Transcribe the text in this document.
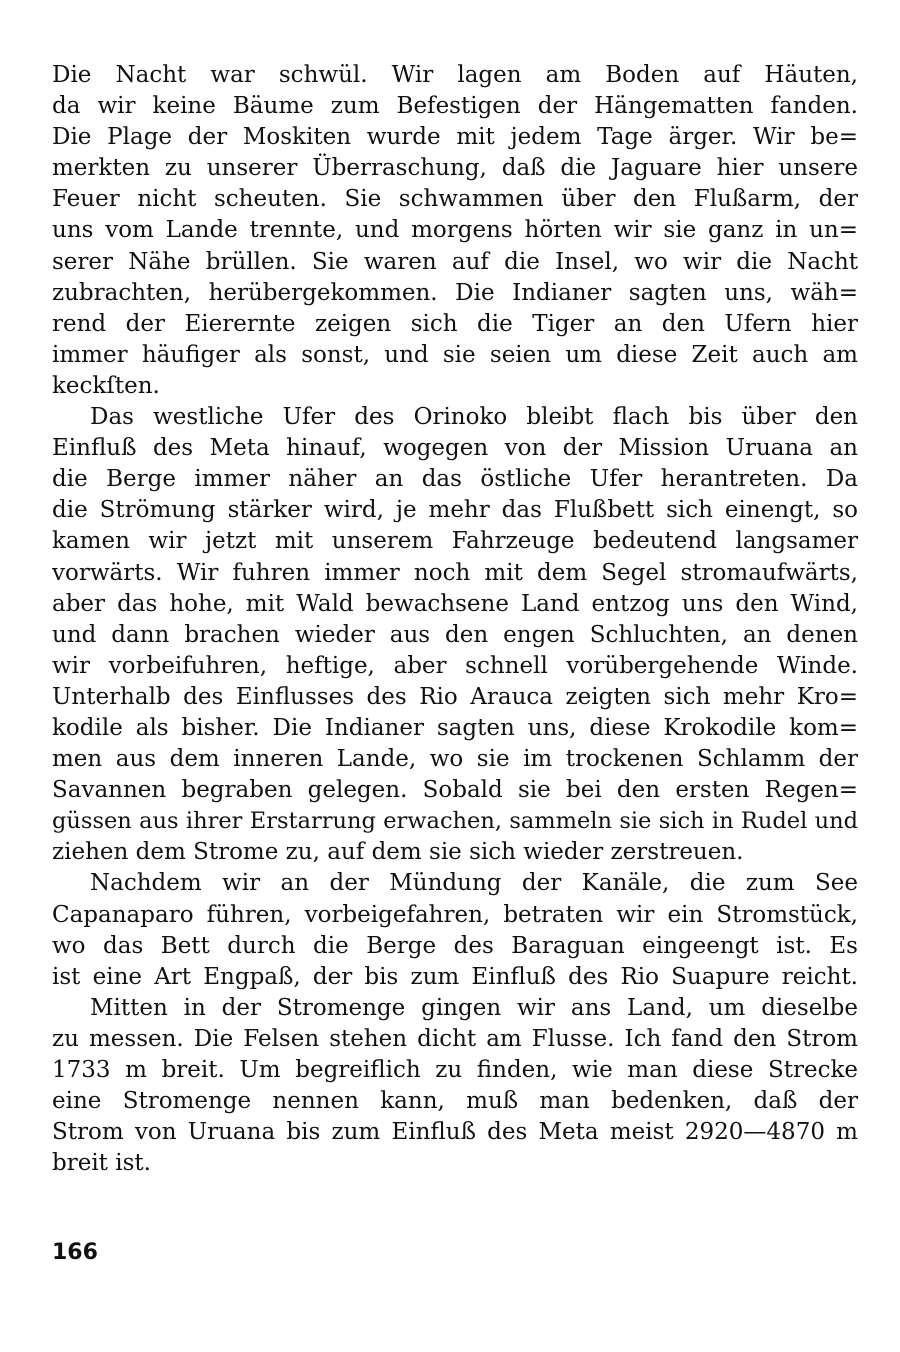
Die Nacht war schwül. Wir lagen am Boden auf Häuten,
da wir keine Bäume zum Befestigen der Hängematten fanden.
Die Plage der Moskiten wurde mit jedem Tage ärger. Wir be=
merkten zu unserer Überraschung, daß die Jaguare hier unsere
Feuer nicht scheuten. Sie schwammen über den Flußarm, der
uns vom Lande trennte, und morgens hörten wir sie ganz in un=
serer Nähe brüllen. Sie waren auf die Insel, wo wir die Nacht
zubrachten, herübergekommen. Die Indianer sagten uns, wäh=
rend der Eierernte zeigen sich die Tiger an den Ufern hier
immer häufiger als sonst, und sie seien um diese Zeit auch am
keckſten.
Das westliche Ufer des Orinoko bleibt flach bis über den
Einfluß des Meta hinauf, wogegen von der Mission Uruana an
die Berge immer näher an das östliche Ufer herantreten. Da
die Strömung stärker wird, je mehr das Flußbett sich einengt, so
kamen wir jetzt mit unserem Fahrzeuge bedeutend langsamer
vorwärts. Wir fuhren immer noch mit dem Segel stromaufwärts,
aber das hohe, mit Wald bewachsene Land entzog uns den Wind,
und dann brachen wieder aus den engen Schluchten, an denen
wir vorbeifuhren, heftige, aber schnell vorübergehende Winde.
Unterhalb des Einflusses des Rio Arauca zeigten sich mehr Kro=
kodile als bisher. Die Indianer sagten uns, diese Krokodile kom=
men aus dem inneren Lande, wo sie im trockenen Schlamm der
Savannen begraben gelegen. Sobald sie bei den ersten Regen=
güssen aus ihrer Erstarrung erwachen, sammeln sie sich in Rudel und
ziehen dem Strome zu, auf dem sie sich wieder zerstreuen.
Nachdem wir an der Mündung der Kanäle, die zum See
Capanaparo führen, vorbeigefahren, betraten wir ein Stromstück,
wo das Bett durch die Berge des Baraguan eingeengt ist. Es
ist eine Art Engpaß, der bis zum Einfluß des Rio Suapure reicht.
Mitten in der Stromenge gingen wir ans Land, um dieselbe
zu messen. Die Felsen stehen dicht am Flusse. Ich fand den Strom
1733 m breit. Um begreiflich zu finden, wie man diese Strecke
eine Stromenge nennen kann, muß man bedenken, daß der
Strom von Uruana bis zum Einfluß des Meta meist 2920—4870 m
breit ist.
166
